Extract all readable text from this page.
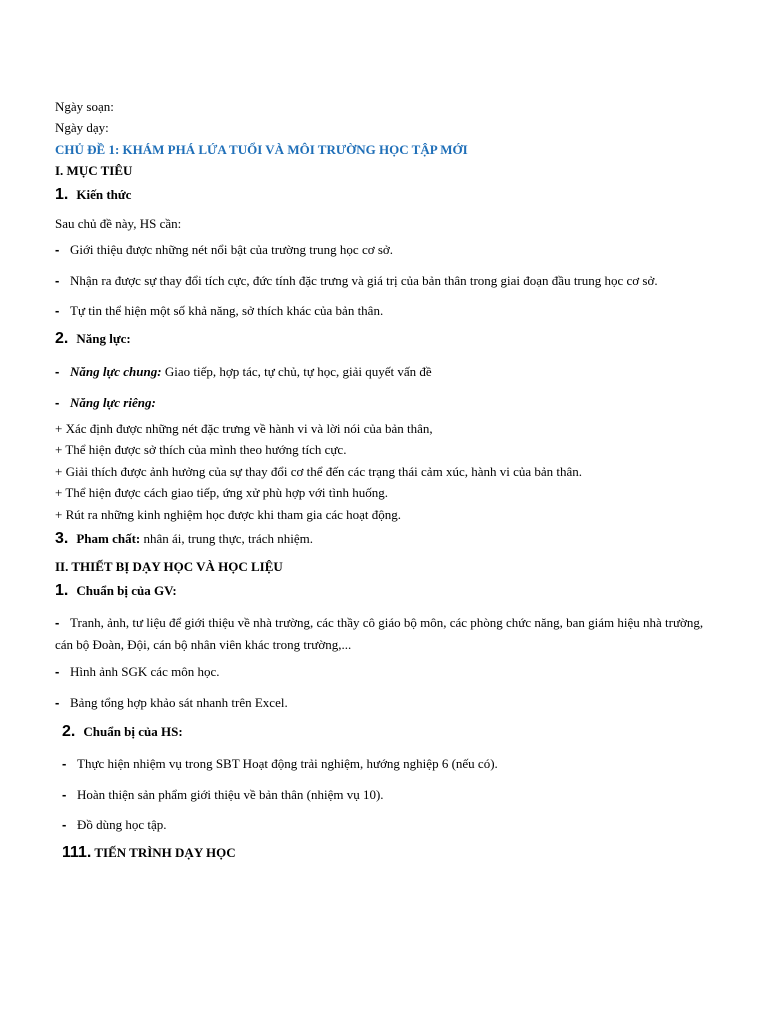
Ngày soạn:
Ngày dạy:
CHỦ ĐỀ 1: KHÁM PHÁ LỨA TUỔI VÀ MÔI TRƯỜNG HỌC TẬP MỚI
I. MỤC TIÊU
1. Kiến thức
Sau chủ đề này, HS cần:
- Giới thiệu được những nét nổi bật của trường trung học cơ sở.
- Nhận ra được sự thay đổi tích cực, đức tính đặc trưng và giá trị của bản thân trong giai đoạn đầu trung học cơ sở.
- Tự tin thể hiện một số khả năng, sở thích khác của bản thân.
2. Năng lực:
- Năng lực chung: Giao tiếp, hợp tác, tự chủ, tự học, giải quyết vấn đề
- Năng lực riêng:
+ Xác định được những nét đặc trưng về hành vi và lời nói của bản thân,
+ Thể hiện được sở thích của mình theo hướng tích cực.
+ Giải thích được ảnh hưởng của sự thay đổi cơ thể đến các trạng thái cảm xúc, hành vi của bản thân.
+ Thể hiện được cách giao tiếp, ứng xử phù hợp với tình huống.
+ Rút ra những kinh nghiệm học được khi tham gia các hoạt động.
3. Pham chất: nhân ái, trung thực, trách nhiệm.
II. THIẾT BỊ DẠY HỌC VÀ HỌC LIỆU
1. Chuẩn bị của GV:
- Tranh, ảnh, tư liệu để giới thiệu về nhà trường, các thầy cô giáo bộ môn, các phòng chức năng, ban giám hiệu nhà trường, cán bộ Đoàn, Đội, cán bộ nhân viên khác trong trường,...
- Hình ảnh SGK các môn học.
- Bảng tổng hợp khảo sát nhanh trên Excel.
2. Chuẩn bị của HS:
- Thực hiện nhiệm vụ trong SBT Hoạt động trải nghiệm, hướng nghiệp 6 (nếu có).
- Hoàn thiện sản phẩm giới thiệu về bản thân (nhiệm vụ 10).
- Đồ dùng học tập.
111. TIẾN TRÌNH DẠY HỌC
